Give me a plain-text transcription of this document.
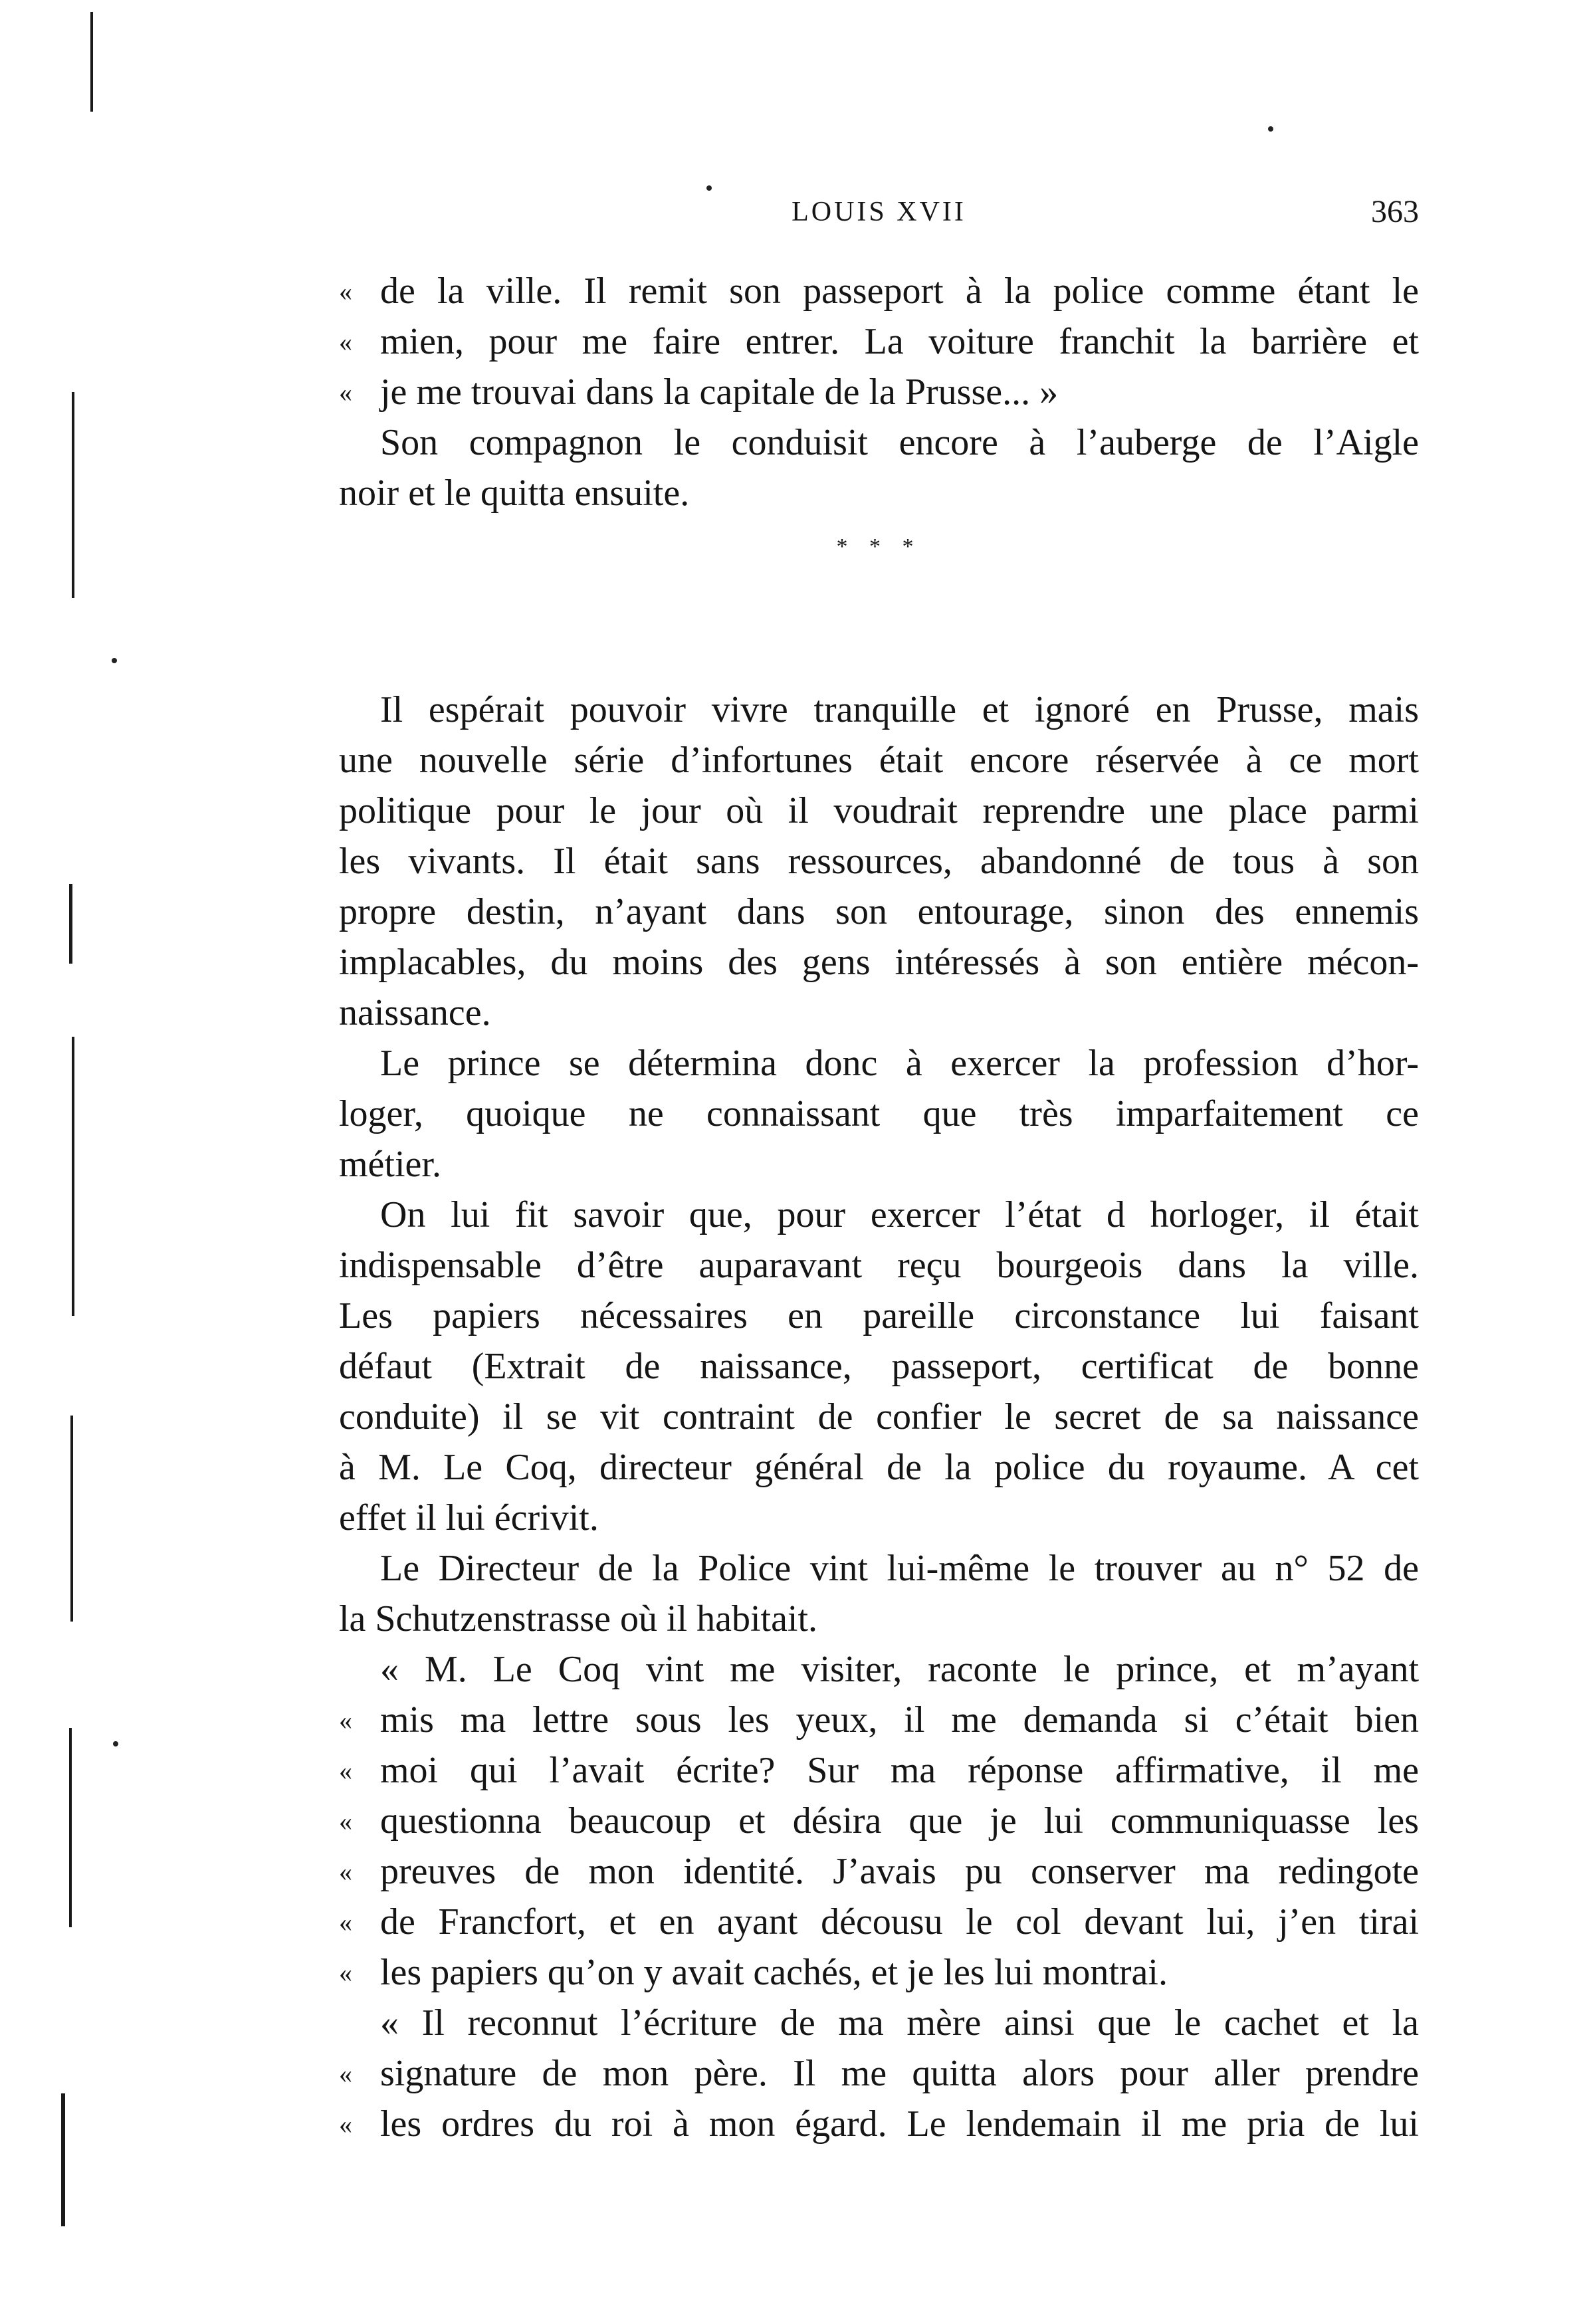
LOUIS XVII	363
« de la ville. Il remit son passeport à la police comme étant le
« mien, pour me faire entrer. La voiture franchit la barrière et
« je me trouvai dans la capitale de la Prusse... »
Son compagnon le conduisit encore à l’auberge de l’Aigle
noir et le quitta ensuite.
* * *
Il espérait pouvoir vivre tranquille et ignoré en Prusse, mais
une nouvelle série d’infortunes était encore réservée à ce mort
politique pour le jour où il voudrait reprendre une place parmi
les vivants. Il était sans ressources, abandonné de tous à son
propre destin, n’ayant dans son entourage, sinon des ennemis
implacables, du moins des gens intéressés à son entière mécon-
naissance.
Le prince se détermina donc à exercer la profession d’hor-
loger, quoique ne connaissant que très imparfaitement ce
métier.
On lui fit savoir que, pour exercer l’état d horloger, il était
indispensable d’être auparavant reçu bourgeois dans la ville.
Les papiers nécessaires en pareille circonstance lui faisant
défaut (Extrait de naissance, passeport, certificat de bonne
conduite) il se vit contraint de confier le secret de sa naissance
à M. Le Coq, directeur général de la police du royaume. A cet
effet il lui écrivit.
Le Directeur de la Police vint lui-même le trouver au n° 52 de
la Schutzenstrasse où il habitait.
« M. Le Coq vint me visiter, raconte le prince, et m’ayant
« mis ma lettre sous les yeux, il me demanda si c’était bien
« moi qui l’avait écrite? Sur ma réponse affirmative, il me
« questionna beaucoup et désira que je lui communiquasse les
« preuves de mon identité. J’avais pu conserver ma redingote
« de Francfort, et en ayant décousu le col devant lui, j’en tirai
« les papiers qu’on y avait cachés, et je les lui montrai.
« Il reconnut l’écriture de ma mère ainsi que le cachet et la
« signature de mon père. Il me quitta alors pour aller prendre
« les ordres du roi à mon égard. Le lendemain il me pria de lui
